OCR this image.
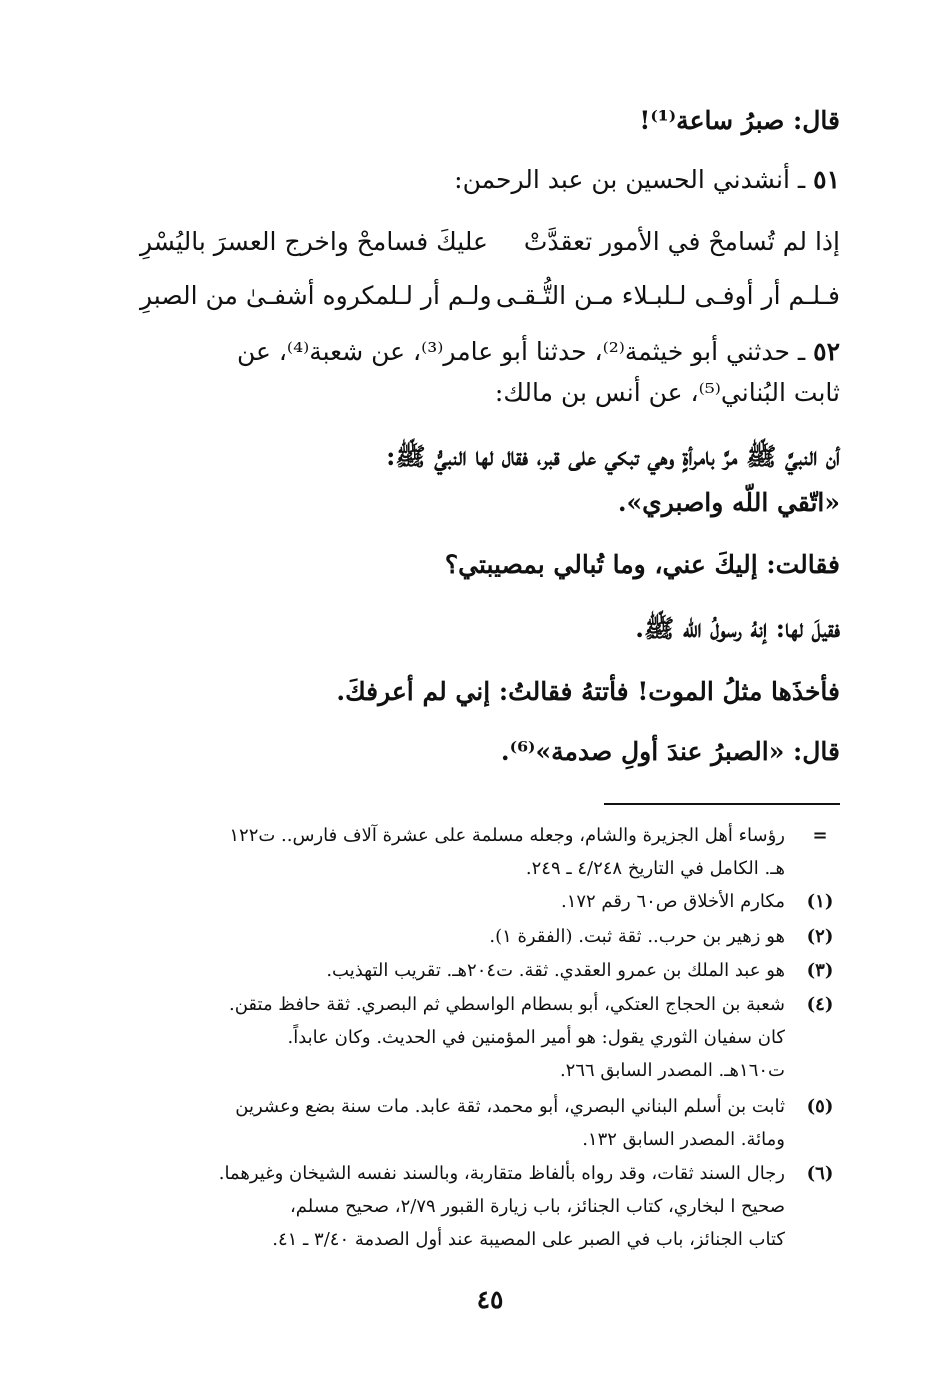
قال: صبرُ ساعة⁽¹⁾!
٥١ ـ أنشدني الحسين بن عبد الرحمن:
إذا لم تُسامحْ في الأمور تعقدَّتْ
عليكَ فسامحْ واخرج العسرَ باليُسْرِ
فـلـم أر أوفـى لـلبـلاء مـن التُّـقـى
ولـم أر لـلمكروه أشفـىٰ من الصبرِ
٥٢ ـ حدثني أبو خيثمة⁽²⁾، حدثنا أبو عامر⁽³⁾، عن شعبة⁽⁴⁾، عن
ثابت البُناني⁽⁵⁾، عن أنس بن مالك:
أن النبيَّ ﷺ مرَّ بامرأةٍ وهي تبكي على قبر، فقال لها النبيُّ ﷺ:
«اتّقي اللّه واصبري».
فقالت: إليكَ عني، وما تُبالي بمصيبتي؟
فقيلَ لها: إنهُ رسولُ الله ﷺ.
فأخذَها مثلُ الموت! فأتتهُ فقالتُ: إني لم أعرفكَ.
قال: «الصبرُ عندَ أولِ صدمة»⁽⁶⁾.
=
رؤساء أهل الجزيرة والشام، وجعله مسلمة على عشرة آلاف فارس.. ت١٢٢
هـ. الكامل في التاريخ ٤/٢٤٨ ـ ٢٤٩.
(١)
مكارم الأخلاق ص٦٠ رقم ١٧٢.
(٢)
هو زهير بن حرب.. ثقة ثبت. (الفقرة ١).
(٣)
هو عبد الملك بن عمرو العقدي. ثقة. ت٢٠٤هـ. تقريب التهذيب.
(٤)
شعبة بن الحجاج العتكي، أبو بسطام الواسطي ثم البصري. ثقة حافظ متقن.
كان سفيان الثوري يقول: هو أمير المؤمنين في الحديث. وكان عابداً.
ت١٦٠هـ. المصدر السابق ٢٦٦.
(٥)
ثابت بن أسلم البناني البصري، أبو محمد، ثقة عابد. مات سنة بضع وعشرين
ومائة. المصدر السابق ١٣٢.
(٦)
رجال السند ثقات، وقد رواه بألفاظ متقاربة، وبالسند نفسه الشيخان وغيرهما.
صحيح ا لبخاري، كتاب الجنائز، باب زيارة القبور ٢/٧٩، صحيح مسلم،
كتاب الجنائز، باب في الصبر على المصيبة عند أول الصدمة ٣/٤٠ ـ ٤١.
٤٥
